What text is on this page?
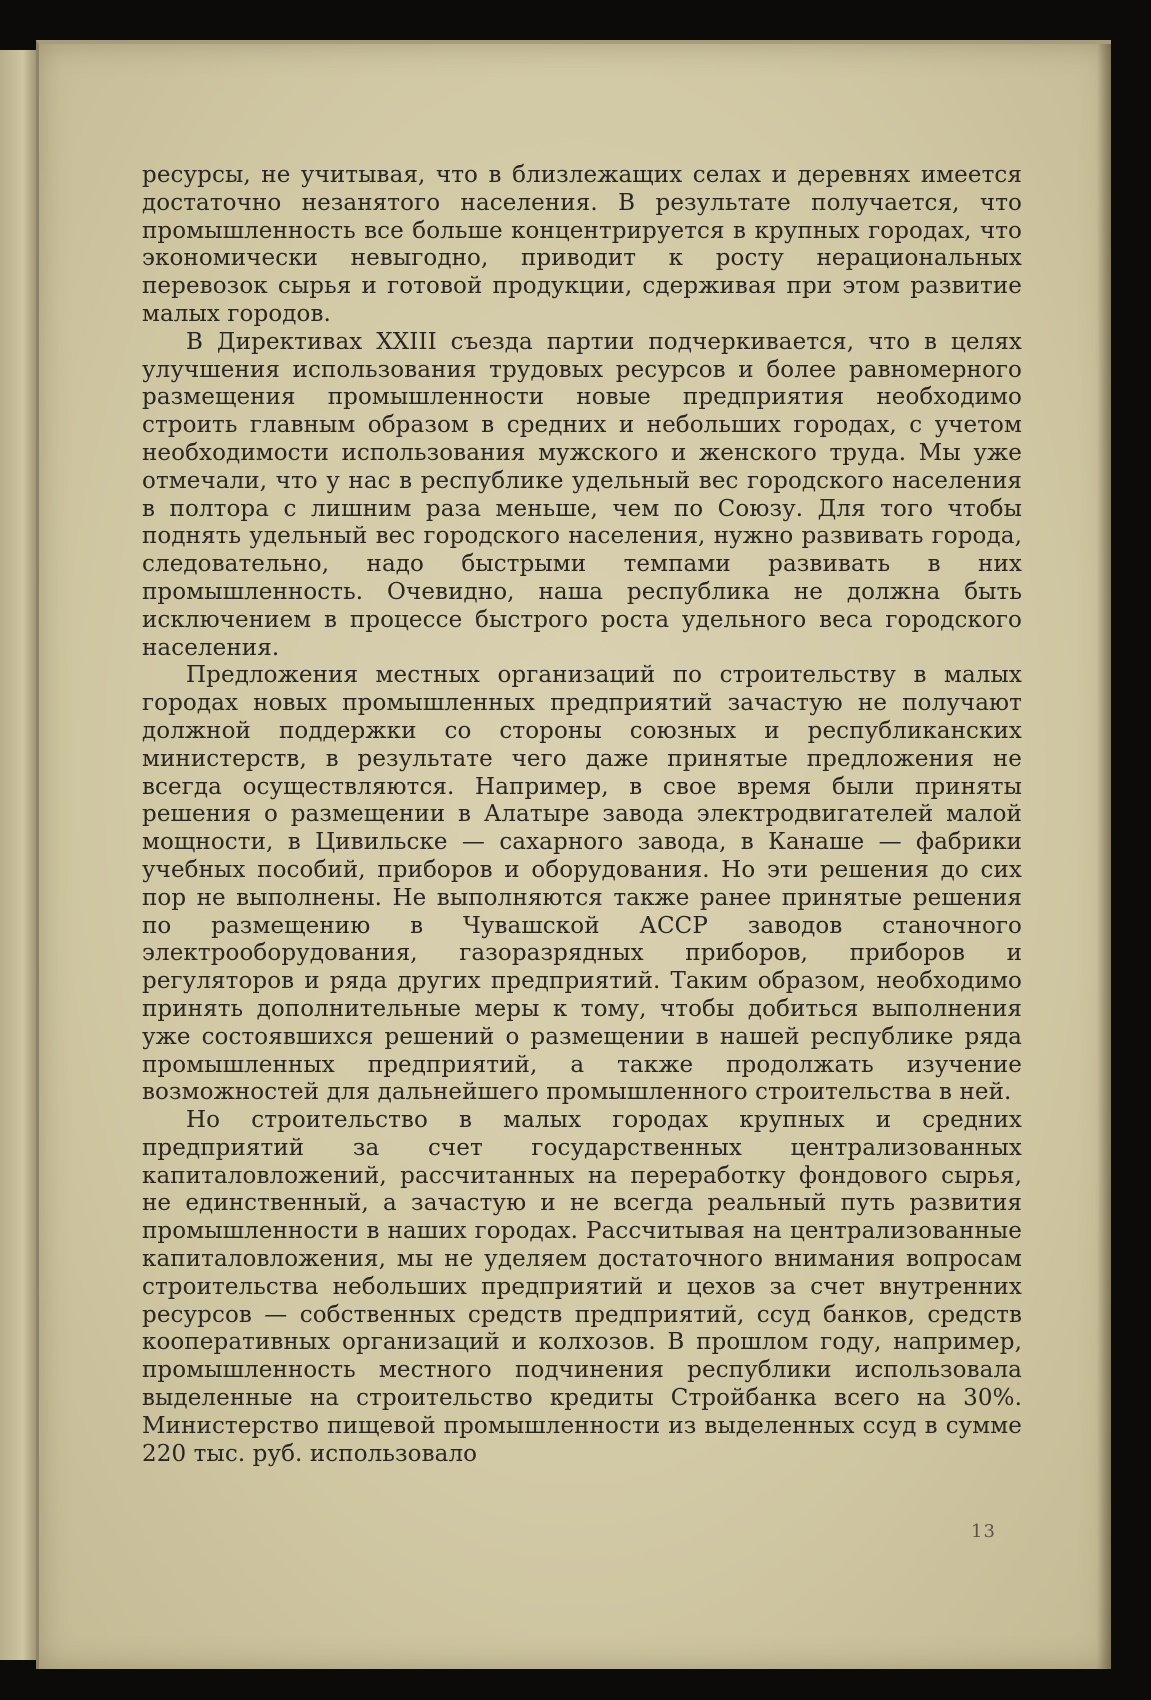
ресурсы, не учитывая, что в близлежащих селах и деревнях имеется достаточно незанятого населения. В результате получается, что промышленность все больше концентрируется в крупных городах, что экономически невыгодно, приводит к росту нерациональных перевозок сырья и готовой продукции, сдерживая при этом развитие малых городов.

В Директивах XXIII съезда партии подчеркивается, что в целях улучшения использования трудовых ресурсов и более равномерного размещения промышленности новые предприятия необходимо строить главным образом в средних и небольших городах, с учетом необходимости использования мужского и женского труда. Мы уже отмечали, что у нас в республике удельный вес городского населения в полтора с лишним раза меньше, чем по Союзу. Для того чтобы поднять удельный вес городского населения, нужно развивать города, следовательно, надо быстрыми темпами развивать в них промышленность. Очевидно, наша республика не должна быть исключением в процессе быстрого роста удельного веса городского населения.

Предложения местных организаций по строительству в малых городах новых промышленных предприятий зачастую не получают должной поддержки со стороны союзных и республиканских министерств, в результате чего даже принятые предложения не всегда осуществляются. Например, в свое время были приняты решения о размещении в Алатыре завода электродвигателей малой мощности, в Цивильске — сахарного завода, в Канаше — фабрики учебных пособий, приборов и оборудования. Но эти решения до сих пор не выполнены. Не выполняются также ранее принятые решения по размещению в Чувашской АССР заводов станочного электрооборудования, газоразрядных приборов, приборов и регуляторов и ряда других предприятий. Таким образом, необходимо принять дополнительные меры к тому, чтобы добиться выполнения уже состоявшихся решений о размещении в нашей республике ряда промышленных предприятий, а также продолжать изучение возможностей для дальнейшего промышленного строительства в ней.

Но строительство в малых городах крупных и средних предприятий за счет государственных централизованных капиталовложений, рассчитанных на переработку фондового сырья, не единственный, а зачастую и не всегда реальный путь развития промышленности в наших городах. Рассчитывая на централизованные капиталовложения, мы не уделяем достаточного внимания вопросам строительства небольших предприятий и цехов за счет внутренних ресурсов — собственных средств предприятий, ссуд банков, средств кооперативных организаций и колхозов. В прошлом году, например, промышленность местного подчинения республики использовала выделенные на строительство кредиты Стройбанка всего на 30%. Министерство пищевой промышленности из выделенных ссуд в сумме 220 тыс. руб. использовало

13
